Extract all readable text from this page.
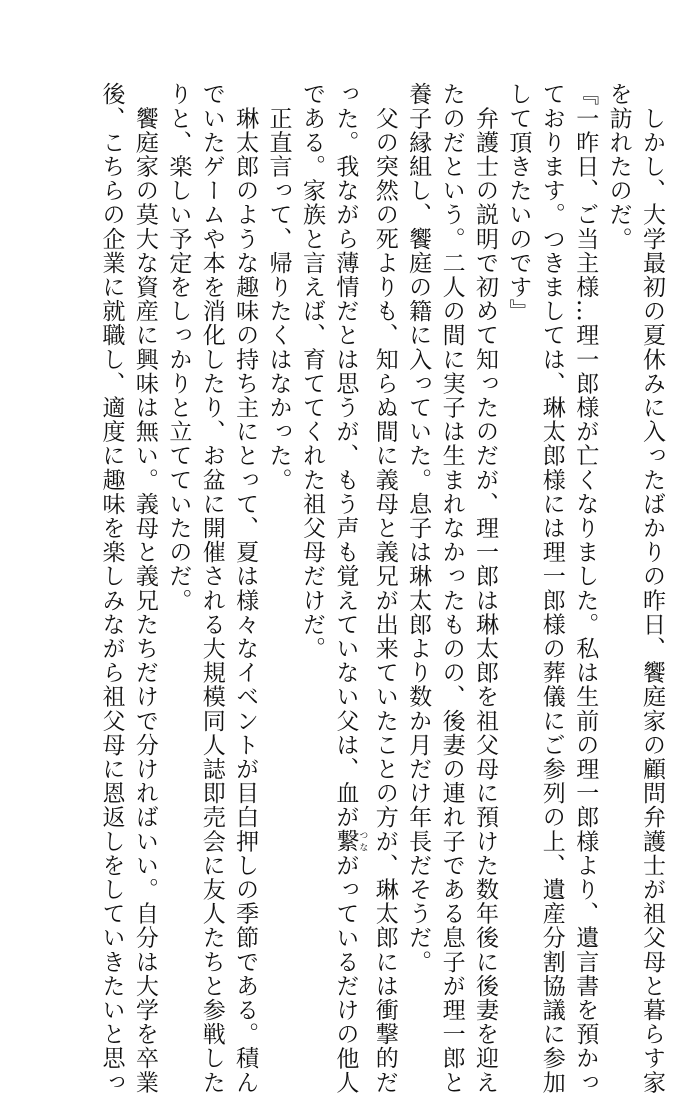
　しかし、大学最初の夏休みに入ったばかりの昨日、饗庭家の顧問弁護士が祖父母と暮らす家
を訪れたのだ。
『一昨日、ご当主様…理一郎様が亡くなりました。私は生前の理一郎様より、遺言書を預かっ
ております。つきましては、琳太郎様には理一郎様の葬儀にご参列の上、遺産分割協議に参加
して頂きたいのです』
　弁護士の説明で初めて知ったのだが、理一郎は琳太郎を祖父母に預けた数年後に後妻を迎え
たのだという。二人の間に実子は生まれなかったものの、後妻の連れ子である息子が理一郎と
養子縁組し、饗庭の籍に入っていた。息子は琳太郎より数か月だけ年長だそうだ。
　父の突然の死よりも、知らぬ間に義母と義兄が出来ていたことの方が、琳太郎には衝撃的だ
った。我ながら薄情だとは思うが、もう声も覚えていない父は、血が繋 つながっているだけの他人
である。家族と言えば、育ててくれた祖父母だけだ。
　正直言って、帰りたくはなかった。
　琳太郎のような趣味の持ち主にとって、夏は様々なイベントが目白押しの季節である。積ん
でいたゲームや本を消化したり、お盆に開催される大規模同人誌即売会に友人たちと参戦した
りと、楽しい予定をしっかりと立てていたのだ。
　饗庭家の莫大な資産に興味は無い。義母と義兄たちだけで分ければいい。自分は大学を卒業
後、こちらの企業に就職し、適度に趣味を楽しみながら祖父母に恩返しをしていきたいと思っ
